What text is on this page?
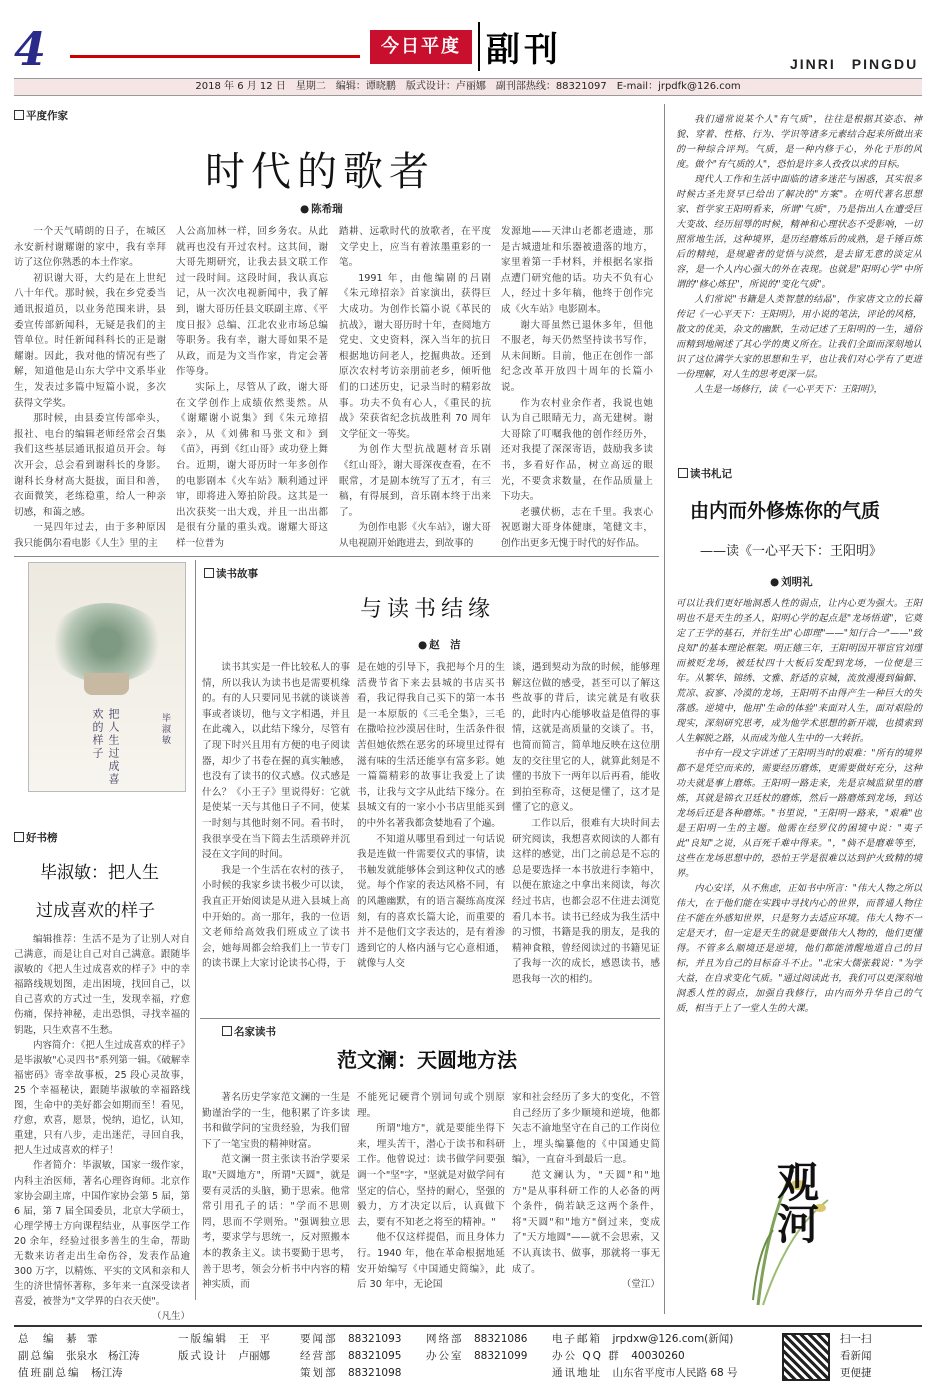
4	今日平度 副刊	JINRI　PINGDU
2018 年 6 月 12 日　星期二　编辑：谭晓鹏　版式设计：卢丽娜　副刊部热线：88321097　E-mail：jrpdfk@126.com
平度作家
时代的歌者
● 陈希瑞

一个天气晴朗的日子，在城区永安新村谢耀谢的家中，我有幸拜访了这位你熟悉的本土作家。

初识谢大哥，大约是在上世纪八十年代。那时候，我在乡党委当通讯报道员，以业务范围来讲，县委宣传部新闻科，无疑是我们的主管单位。时任新闻科科长的正是谢耀谢。因此，我对他的情况有些了解，知道他是山东大学中文系毕业生，发表过多篇中短篇小说，多次获得文学奖。

那时候，由县委宣传部牵头，报社、电台的编辑老师经常会召集我们这些基层通讯报道员开会。每次开会，总会看到谢科长的身影。谢科长身材高大挺拔，面目和善，衣面微笑，老练稳重，给人一种亲切感，和蔼之感。

一晃四年过去，由于多种原因我只能偶尔看电影《人生》里的主

人公高加林一样，回乡务农。从此就再也没有开过农村。这其间，谢大哥先期研究，让我去县文联工作过一段时间。这段时间，我认真忘记，从一次次电视新闻中，我了解到，谢大哥历任县文联副主席、《平度日报》总编、江北农业市场总编等职务。我有幸，谢大哥如果不是从政，而是为文当作家，肯定会著作等身。

实际上，尽管从了政，谢大哥在文学创作上成绩依然斐然。从《谢耀谢小说集》到《朱元璋招亲》，从《刘佛和马张文和》到《苗》，再到《红山哥》或功登上舞台。近期，谢大哥历时一年多创作的电影剧本《火车站》顺利通过评审，即将进入筹拍阶段。这其是一出次获奖一出大戏，并且一出出都是很有分量的重头戏。谢耀大哥这样一位普为

踏耕、远歌时代的放歌者，在平度文学史上，应当有着浓墨重彩的一笔。

1991 年，由他编剧的吕剧《朱元璋招亲》首家演出，获得巨大成功。为创作长篇小说《革民的抗战》，谢大哥历时十年，查阅地方党史、文史资料，深入当年的抗日根据地访问老人，挖掘典故。还到原次农村考访亲朋前老乡，倾听他们的口述历史，记录当时的精彩故事。功夫不负有心人，《重民的抗战》荣获省纪念抗战胜利 70 周年文学征文一等奖。

为创作大型抗战题材音乐剧《红山哥》，谢大哥深夜查看，在不眠常，才是剧本统写了五才，有三稿，有得展到，音乐剧本终于出来了。

为创作电影《火车站》，谢大哥从电视剧开始跑进去，到故事的

发源地——天津山老都老遗迹，那是古城遗址和乐器被遗落的地方，家里着第一手材料，并根据名家指点遭门研究他的话。功夫不负有心人，经过十多年稿，他终于创作完成《火车站》电影剧本。

谢大哥虽然已退休多年，但他不服老，每天仍然坚持读书写作，从未间断。目前，他正在创作一部纪念改革开放四十周年的长篇小说。

作为农村业余作者，我说也她认为自己眼睛无力，高无建树。谢大哥除了叮嘱我他的创作经历外，还对我提了深深寄语，鼓励我多读书，多看好作品，树立高远的眼光，不要贪求数量，在作品质量上下功夫。

老骥伏枥，志在千里。我衷心祝愿谢大哥身体健康，笔健文丰，创作出更多无愧于时代的好作品。

我们通常说某个人"有气质"，往往是根据其姿态、神貌、穿着、性格、行为、学识等诸多元素结合起来所做出来的一种综合评判。气质，是一种内修于心，外化于形的风度。做个"有气质的人"，恐怕是许多人孜孜以求的目标。

现代人工作和生活中面临的诸多迷茫与困惑，其实很多时候古圣先贤早已给出了解决的"方案"。在明代著名思想家、哲学家王阳明看来，所谓"气质"，乃是指出人在遭受巨大变故、经历屈辱的时候，精神和心理状态不受影响，一切照常地生活，这种境界，是历经磨炼后的成熟，是千锤百炼后的精纯，是规避者的觉悟与淡然，是去留无意的淡定从容，是一个人内心强大的外在表现。也就是"阳明心学"中所谓的"修心炼狂"，所说的"变化气质"。

人们常说"书籍是人类智慧的结晶"，作家唐文立的长篇传记《一心平天下：王阳明》，用小说的笔法，评论的风格，散文的优美，杂文的幽默，生动记述了王阳明的一生，通俗而精到地阐述了其心学的奥义所在。让我们全面而深刻地认识了这位满学大家的思想和生平，也让我们对心学有了更进一份理解，对人生的思考更深一层。

人生是一场修行，读《一心平天下：王阳明》，

读书札记
由内而外修炼你的气质
——读《一心平天下：王阳明》
● 刘明礼

可以让我们更好地洞悉人性的弱点，让内心更为强大。王阳明也不是天生的圣人，阳明心学的起点是"龙场悟道"，它奠定了王学的基石，并衍生出"心即理"——"知行合一"——"致良知"的基本理论框架。明正德三年，王阳明因开罪宦官刘瑾而被贬龙场，被廷杖四十大板后发配到龙场，一位便是三年。从繁华、锦绣、文雅、舒适的京城，流放漫漫到偏僻、荒凉、寂寥、冷漠的龙场，王阳明不由得产生一种巨大的失落感。逆境中，他用"生命的体验"来面对人生，面对艰险的现实，深刻研究思考，成为他学术思想的新开端，也摸索到人生解脱之路，从而成为他人生中的一大转折。

书中有一段文字讲述了王阳明当时的艰难："所有的境界都不是凭空而来的，需要经历磨炼，更需要做好充分，这种功夫就是事上磨炼。王阳明一路走来，先是京城监狱里的磨炼，其就是锦衣卫廷杖的磨炼，然后一路磨炼到龙场，到达龙场后还是各种磨炼。"书里说，"王阳明一路来，"艰难"也是王阳明一生的主题。他需在经罗仪的困境中说："夷子此"良知"之说，从百死千难中得来。"，"倘不是磨难等至，这些在龙场思想中的，恐怕王学是很难以达到护火致精的境界。

内心安详，从不焦虑，正如书中所言："伟大人物之所以伟大，在于他们能在实践中寻找内心的世界，而普通人物往往不能在外感知世界，只是努力去适应环境。伟大人物不一定是天才，但一定是天生的就是要做伟大人物的，他们更懂得。不管多么顺境还是逆境，他们都能清醒地道自己的目标，并且为自己的目标奋斗不止。"北宋大儒张载说："为学大益，在自求变化气质。"通过阅读此书，我们可以更深刻地洞悉人性的弱点，加强自我修行，由内而外升华自己的气质，相当于上了一堂人生的大课。

观河
读书故事
与读书结缘
● 赵　洁

读书其实是一件比较私人的事情，所以我认为读书也是需要机缘的。有的人只要同见书就的谈谈善事或者谈切，他与文字相遇，并且在此魂入，以此结下缘分，尽管有了现下时兴且用有方便的电子阅读器，却少了书卷在握的真实触感，也没有了读书的仪式感。仪式感是什么？《小王子》里说得好：它就是使某一天与其他日子不同，使某一时刻与其他时刻不同。看书时，我很享受在当下简去生活琐碎并沉浸在文字间的时间。

我是一个生活在农村的孩子，小时候的我家乡读书极少可以读，我直正开始阅读是从进入县城上高中开始的。高一那年，我的一位语文老师给高效我们班成立了读书会，她每周都会给我们上一节专门的读书课上大家讨论读书心得，于

是在她的引导下，我把每个月的生活费节省下来去县城的书店买书看，我记得我自己买下的第一本书是一本原版的《三毛全集》，三毛在撒哈拉沙漠居住时，生活条件很苦但她依然在恶劣的环境里过得有滋有味的生活还能享有富多彩。她一篇篇精彩的故事让我爱上了读书，让我与文字从此结下缘分。在县城文有的一家小小书店里能买到的中外名著我都贪婪地看了个遍。

不知道从哪里看到过一句话说我是连做一件需要仪式的事情，读书触发就能够体会到这种仪式的感觉。每个作家的表达风格不同，有的风趣幽默，有的语言凝练高度深刻，有的喜欢长篇大论，而重要的并不是他们文字表达的，是有着渗透到它的人格内涵与它心意相通，就像与人交

谈，遇到契动为敌的时候，能够理解这位做的感受，甚至可以了解这些故事的背后，读完就是有收获的，此时内心能够收益是值得的事情，这就是高质量的交谈了。书，也简而简言，简单地反映在这位朋友的交往里它的人，就算此刻是不懂的书放下一两年以后再看，能收到拍至称奇，这便是懂了，这才是懂了它的意义。

工作以后，很难有大块时间去研究阅读，我想喜欢阅读的人都有这样的感觉，出门之前总是不忘的总是要选择一本书放进行李箱中，以便在旅途之中拿出来阅读，每次经过书店，也都会忍不住进去浏览看几本书。读书已经成为我生活中的习惯，书籍是我的朋友，是我的精神食粮，曾经阅读过的书籍见证了我每一次的成长，感恩读书，感恩我每一次的相约。

把人生过成喜欢的样子	毕淑敏
好书榜
毕淑敏：把人生
过成喜欢的样子

编辑推荐：生活不是为了让别人对自己满意，而是让自己对自己满意。跟随毕淑敏的《把人生过成喜欢的样子》中的幸福路线规划图，走出困境，找回自己，以自己喜欢的方式过一生，发现幸福，疗愈伤痛，保持神秘，走出恐惧，寻找幸福的钥匙，只生欢喜不生愁。

内容简介：《把人生过成喜欢的样子》是毕淑敏"心灵四书"系列第一辑。《破解幸福密码》寄幸故事板，25 段心灵故事，25 个幸福秘诀，跟随毕淑敏的幸福路线图，生命中的美好都会如期而至！看见，疗愈，欢喜，愿景，悦纳，追忆，认知，重建，只有八步，走出迷茫，寻回自我，把人生过成喜欢的样子！

作者简介：毕淑敏，国家一级作家，内科主治医师，著名心理咨询师。北京作家协会副主席，中国作家协会第 5 届，第 6 届，第 7 届全国委员，北京大学硕士，心理学博士方向课程结业，从事医学工作 20 余年，经验过很多善生的生命，帮助无数来访者走出生命伤谷，发表作品逾 300 万字，以精炼、平实的文风和亲和人生的济世情怀著称，多年来一直深受读者喜爱，被誉为"文学界的白衣天使"。

（凡生）

名家读书
范文澜：天圆地方法

著名历史学家范文澜的一生是勤谨治学的一生，他积累了许多读书和做学问的宝贵经验，为我们留下了一笔宝贵的精神财富。

范文澜一贯主张读书治学要采取"天圆地方"，所谓"天圆"，就是要有灵活的头脑，勤于思索。他常常引用孔子的话："学而不思则罔，思而不学则殆。"强调独立思考，要求学与思统一，反对照搬本本的教条主义。读书要勤于思考，善于思考，领会分析书中内容的精神实质，而

不能死记硬背个别词句或个别原理。

所谓"地方"，就是要能坐得下来，埋头苦干，潜心于读书和科研工作。他曾说过：读书做学问要强调一个"坚"字，"坚就是对做学问有坚定的信心，坚持的耐心，坚强的毅力，方才决定以后，认真做下去，要有不知老之将至的精神。"

他不仅这样提倡，而且身体力行。1940 年，他在革命根据地延安开始编写《中国通史简编》，此后 30 年中，无论国

家和社会经历了多大的变化，不管自己经历了多少顺境和逆境，他都矢志不渝地坚守在自己的工作岗位上，埋头编纂他的《中国通史简编》，一直奋斗到最后一息。

范文澜认为，"天圆"和"地方"是从事科研工作的人必备的两个条件，倘若缺乏这两个条件，将"天圆"和"地方"倒过来，变成了"天方地圆"——就不会思索，又不认真读书、做事，那就将一事无成了。

（堂江）

总　编　 綦　霏
副总编　 张泉水　杨江涛
值班副总编　 杨江涛
一版编辑　 王　平
版式设计　 卢丽娜
要闻部　 88321093
经营部　 88321095
策划部　 88321098
网络部　 88321086
办公室　 88321099
电子邮箱　 jrpdxw@126.com(新闻)
办公 QQ 群　 40030260
通讯地址　 山东省平度市人民路 68 号
扫一扫
看新闻
更便捷
